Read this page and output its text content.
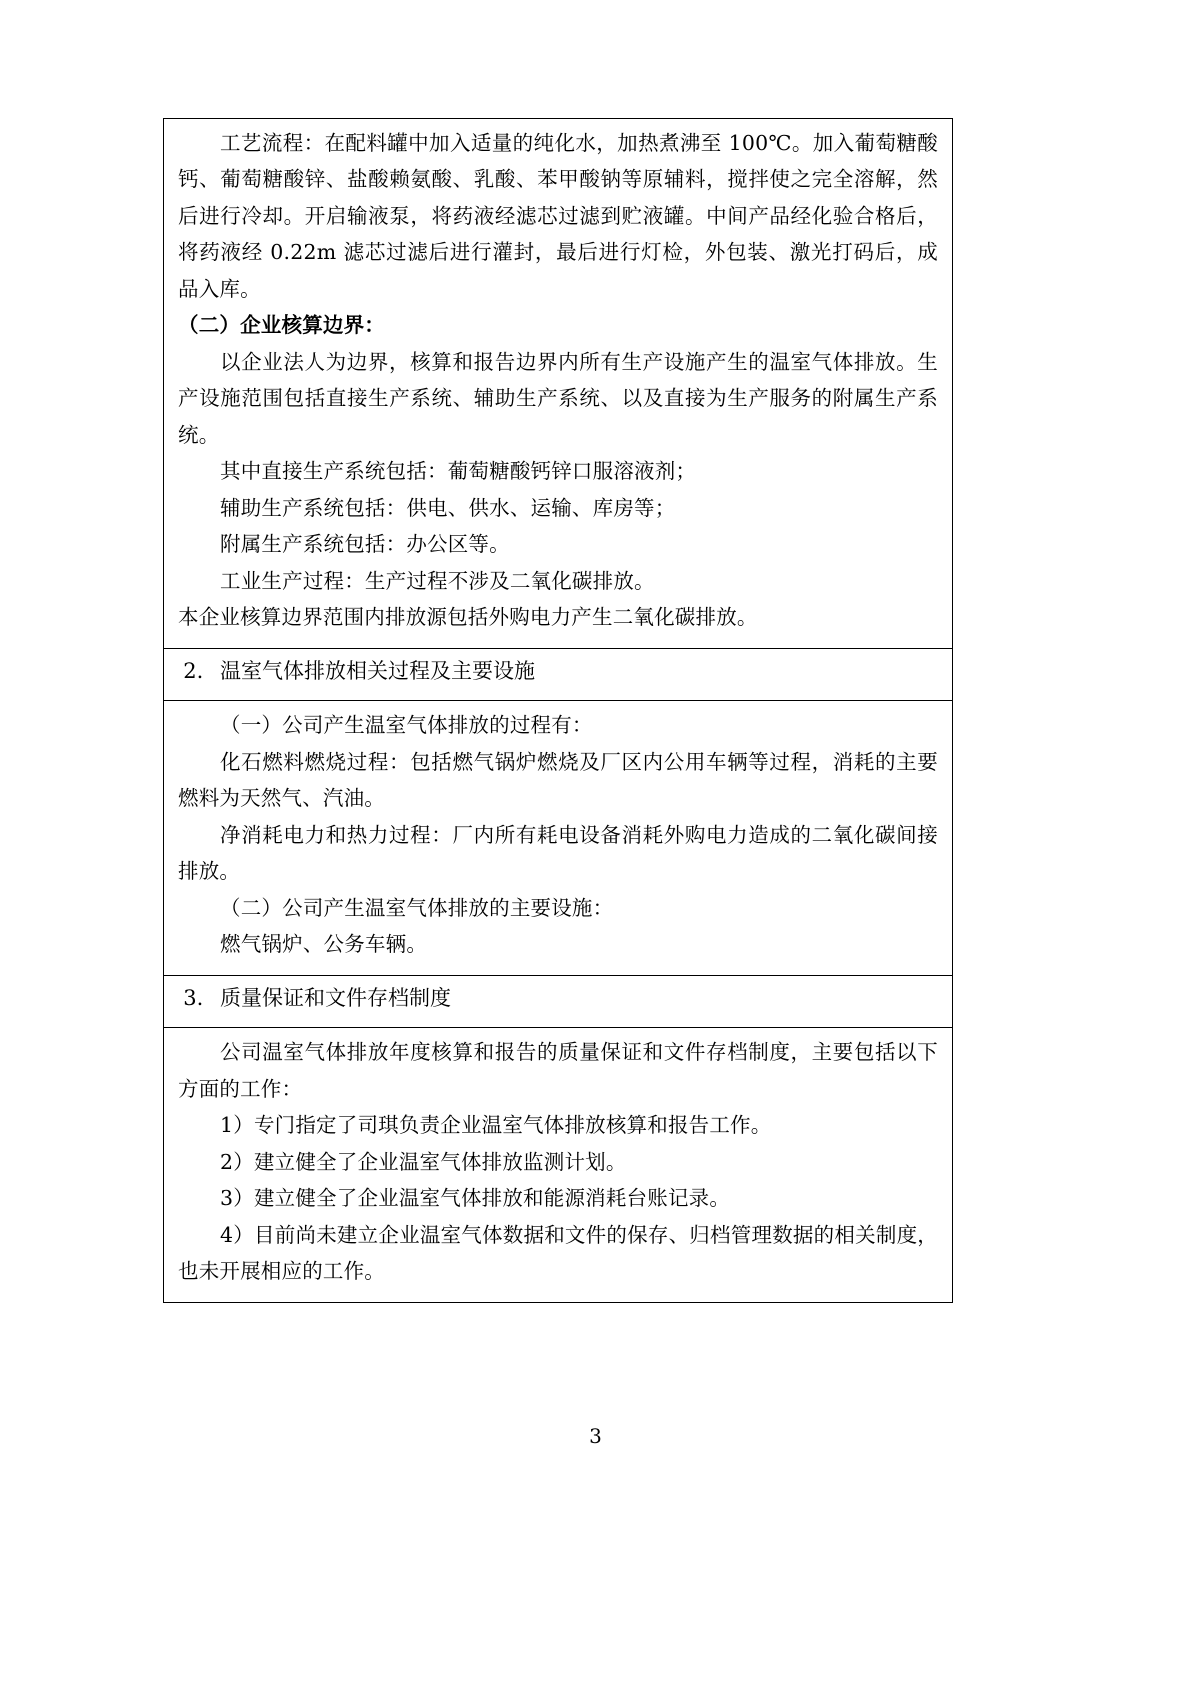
工艺流程：在配料罐中加入适量的纯化水，加热煮沸至 100℃。加入葡萄糖酸钙、葡萄糖酸锌、盐酸赖氨酸、乳酸、苯甲酸钠等原辅料，搅拌使之完全溶解，然后进行冷却。开启输液泵，将药液经滤芯过滤到贮液罐。中间产品经化验合格后，将药液经 0.22m 滤芯过滤后进行灌封，最后进行灯检，外包装、激光打码后，成品入库。

（二）企业核算边界：

以企业法人为边界，核算和报告边界内所有生产设施产生的温室气体排放。生产设施范围包括直接生产系统、辅助生产系统、以及直接为生产服务的附属生产系统。

其中直接生产系统包括：葡萄糖酸钙锌口服溶液剂；

辅助生产系统包括：供电、供水、运输、库房等；

附属生产系统包括：办公区等。

工业生产过程：生产过程不涉及二氧化碳排放。

本企业核算边界范围内排放源包括外购电力产生二氧化碳排放。

2. 温室气体排放相关过程及主要设施

（一）公司产生温室气体排放的过程有：

化石燃料燃烧过程：包括燃气锅炉燃烧及厂区内公用车辆等过程，消耗的主要燃料为天然气、汽油。

净消耗电力和热力过程：厂内所有耗电设备消耗外购电力造成的二氧化碳间接排放。

（二）公司产生温室气体排放的主要设施：

燃气锅炉、公务车辆。

3. 质量保证和文件存档制度

公司温室气体排放年度核算和报告的质量保证和文件存档制度，主要包括以下方面的工作：

1）专门指定了司琪负责企业温室气体排放核算和报告工作。

2）建立健全了企业温室气体排放监测计划。

3）建立健全了企业温室气体排放和能源消耗台账记录。

4）目前尚未建立企业温室气体数据和文件的保存、归档管理数据的相关制度，也未开展相应的工作。

3
